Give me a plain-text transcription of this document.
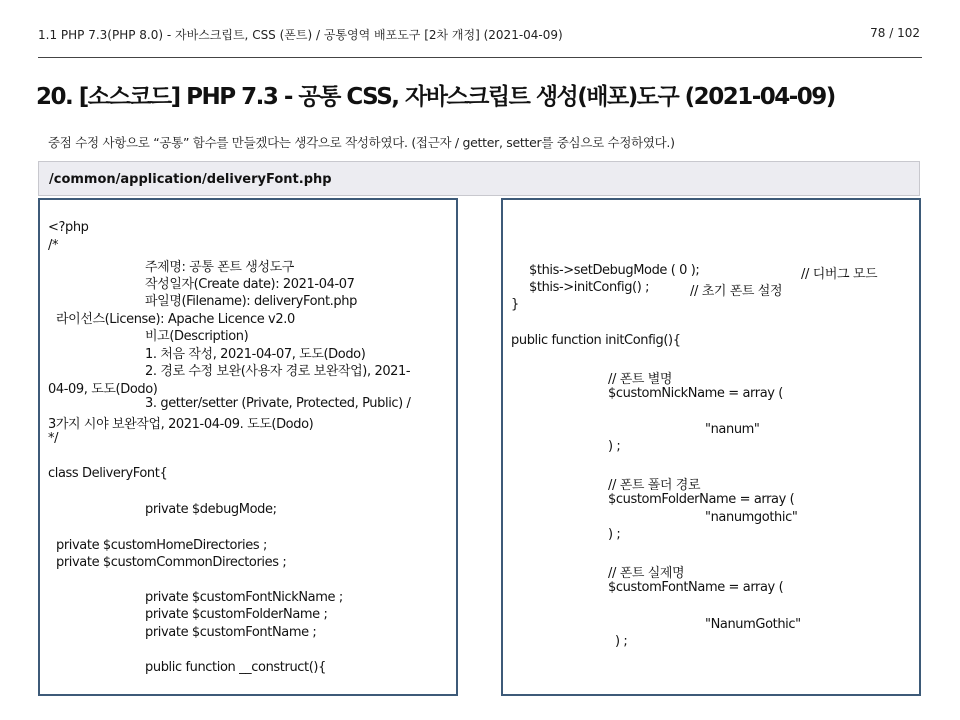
1.1 PHP 7.3(PHP 8.0) - 자바스크립트, CSS (폰트) / 공통영역 배포도구 [2차 개정] (2021-04-09)	78 / 102
20. [소스코드] PHP 7.3 - 공통 CSS, 자바스크립트 생성(배포)도구 (2021-04-09)
중점 수정 사항으로 “공통” 함수를 만들겠다는 생각으로 작성하였다. (접근자 / getter, setter를 중심으로 수정하였다.)
/common/application/deliveryFont.php
<?php
/*
주제명: 공통 폰트 생성도구
작성일자(Create date): 2021-04-07
파일명(Filename): deliveryFont.php
라이선스(License): Apache Licence v2.0
비고(Description)
1. 처음 작성, 2021-04-07, 도도(Dodo)
2. 경로 수정 보완(사용자 경로 보완작업), 2021-
04-09, 도도(Dodo)
3. getter/setter (Private, Protected, Public) /
3가지 시야 보완작업, 2021-04-09. 도도(Dodo)
*/
class DeliveryFont{
private $debugMode;
private $customHomeDirectories ;
private $customCommonDirectories ;
private $customFontNickName ;
private $customFolderName ;
private $customFontName ;
public function __construct(){
$this->setDebugMode ( 0 );	// 디버그 모드
$this->initConfig() ;	// 초기 폰트 설정
}
public function initConfig(){
// 폰트 별명
$customNickName = array (
"nanum"
) ;
// 폰트 폴더 경로
$customFolderName = array (
"nanumgothic"
) ;
// 폰트 실제명
$customFontName = array (
"NanumGothic"
) ;
